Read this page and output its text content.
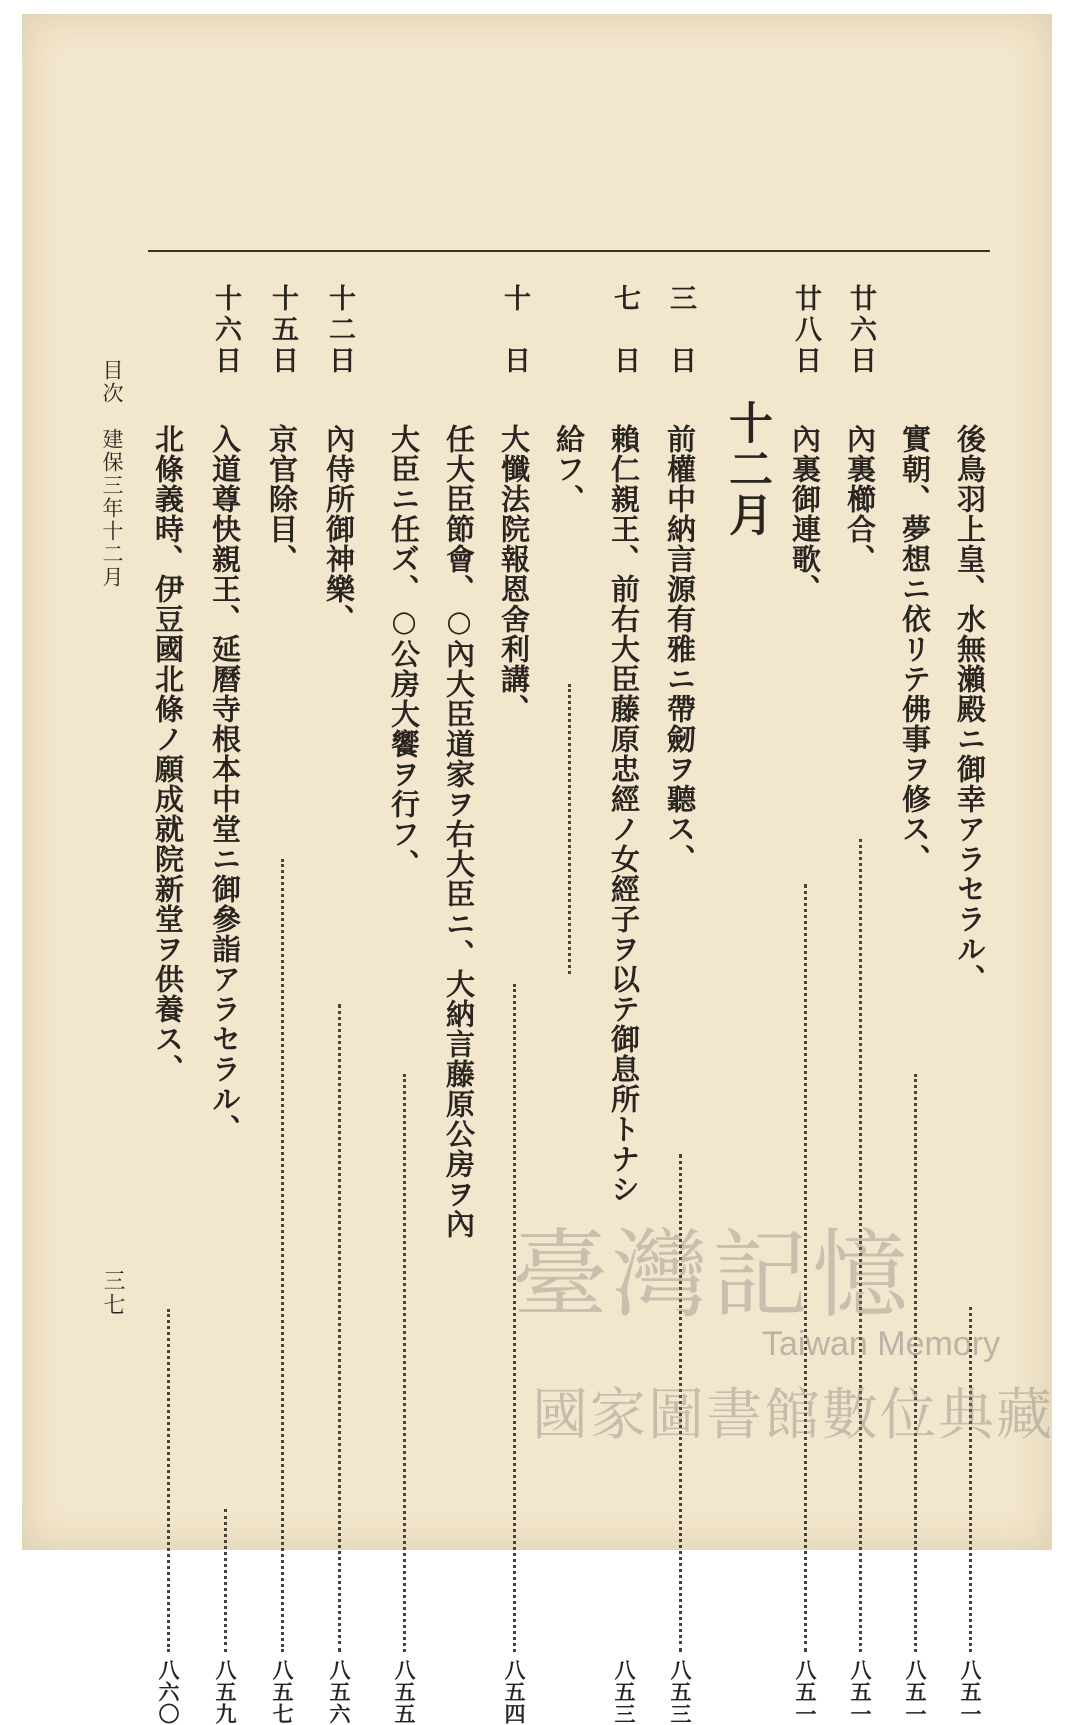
後鳥羽上皇、水無瀨殿ニ御幸アラセラル、
八五一
實朝、夢想ニ依リテ佛事ヲ修ス、
八五一
廿六日
內裏櫛合、
八五一
廿八日
內裏御連歌、
八五一
十二月
三　日
前權中納言源有雅ニ帶劒ヲ聽ス、
八五三
七　日
賴仁親王、前右大臣藤原忠經ノ女經子ヲ以テ御息所トナシ
八五三
給フ、
十　日
大懺法院報恩舍利講、
八五四
任大臣節會、○內大臣道家ヲ右大臣ニ、大納言藤原公房ヲ內
大臣ニ任ズ、○公房大饗ヲ行フ、
八五五
十二日
內侍所御神樂、
八五六
十五日
京官除目、
八五七
十六日
入道尊快親王、延曆寺根本中堂ニ御參詣アラセラル、
八五九
北條義時、伊豆國北條ノ願成就院新堂ヲ供養ス、
八六〇
目次　建保三年十二月
三七	臺灣記憶
Taiwan Memory
國家圖書館數位典藏
